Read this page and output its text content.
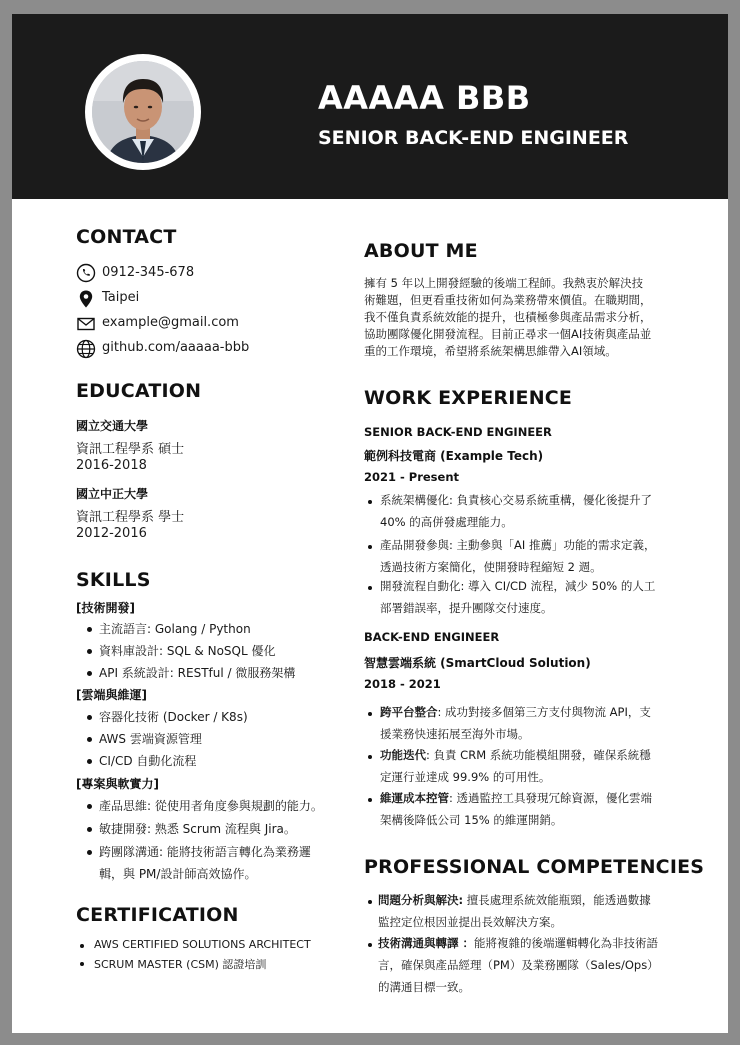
AAAAA BBB
SENIOR BACK-END ENGINEER
CONTACT
0912-345-678
Taipei
example@gmail.com
github.com/aaaaa-bbb
EDUCATION
國立交通大學
資訊工程學系 碩士
2016-2018
國立中正大學
資訊工程學系 學士
2012-2016
SKILLS
[技術開發]
主流語言: Golang / Python
資料庫設計: SQL & NoSQL 優化
API 系統設計: RESTful / 微服務架構
[雲端與維運]
容器化技術 (Docker / K8s)
AWS 雲端資源管理
CI/CD 自動化流程
[專案與軟實力]
產品思維: 從使用者角度參與規劃的能力。
敏捷開發: 熟悉 Scrum 流程與 Jira。
跨團隊溝通: 能將技術語言轉化為業務邏
輯，與 PM/設計師高效協作。
CERTIFICATION
AWS CERTIFIED SOLUTIONS ARCHITECT
SCRUM MASTER (CSM) 認證培訓
ABOUT ME
擁有 5 年以上開發經驗的後端工程師。我熱衷於解決技
術難題，但更看重技術如何為業務帶來價值。在職期間，
我不僅負責系統效能的提升，也積極參與產品需求分析，
協助團隊優化開發流程。目前正尋求一個AI技術與產品並
重的工作環境，希望將系統架構思維帶入AI領域。
WORK EXPERIENCE
SENIOR BACK-END ENGINEER
範例科技電商 (Example Tech)
2021 - Present
系統架構優化: 負責核心交易系統重構，優化後提升了
40% 的高併發處理能力。
產品開發參與: 主動參與「AI 推薦」功能的需求定義，
透過技術方案簡化，使開發時程縮短 2 週。
開發流程自動化: 導入 CI/CD 流程，減少 50% 的人工
部署錯誤率，提升團隊交付速度。
BACK-END ENGINEER
智慧雲端系統 (SmartCloud Solution)
2018 - 2021
跨平台整合: 成功對接多個第三方支付與物流 API，支
援業務快速拓展至海外市場。
功能迭代: 負責 CRM 系統功能模組開發，確保系統穩
定運行並達成 99.9% 的可用性。
維運成本控管: 透過監控工具發現冗餘資源，優化雲端
架構後降低公司 15% 的維運開銷。
PROFESSIONAL COMPETENCIES
問題分析與解決: 擅長處理系統效能瓶頸，能透過數據
監控定位根因並提出長效解決方案。
技術溝通與轉譯 ：能將複雜的後端邏輯轉化為非技術語
言，確保與產品經理（PM）及業務團隊（Sales/Ops）
的溝通目標一致。
